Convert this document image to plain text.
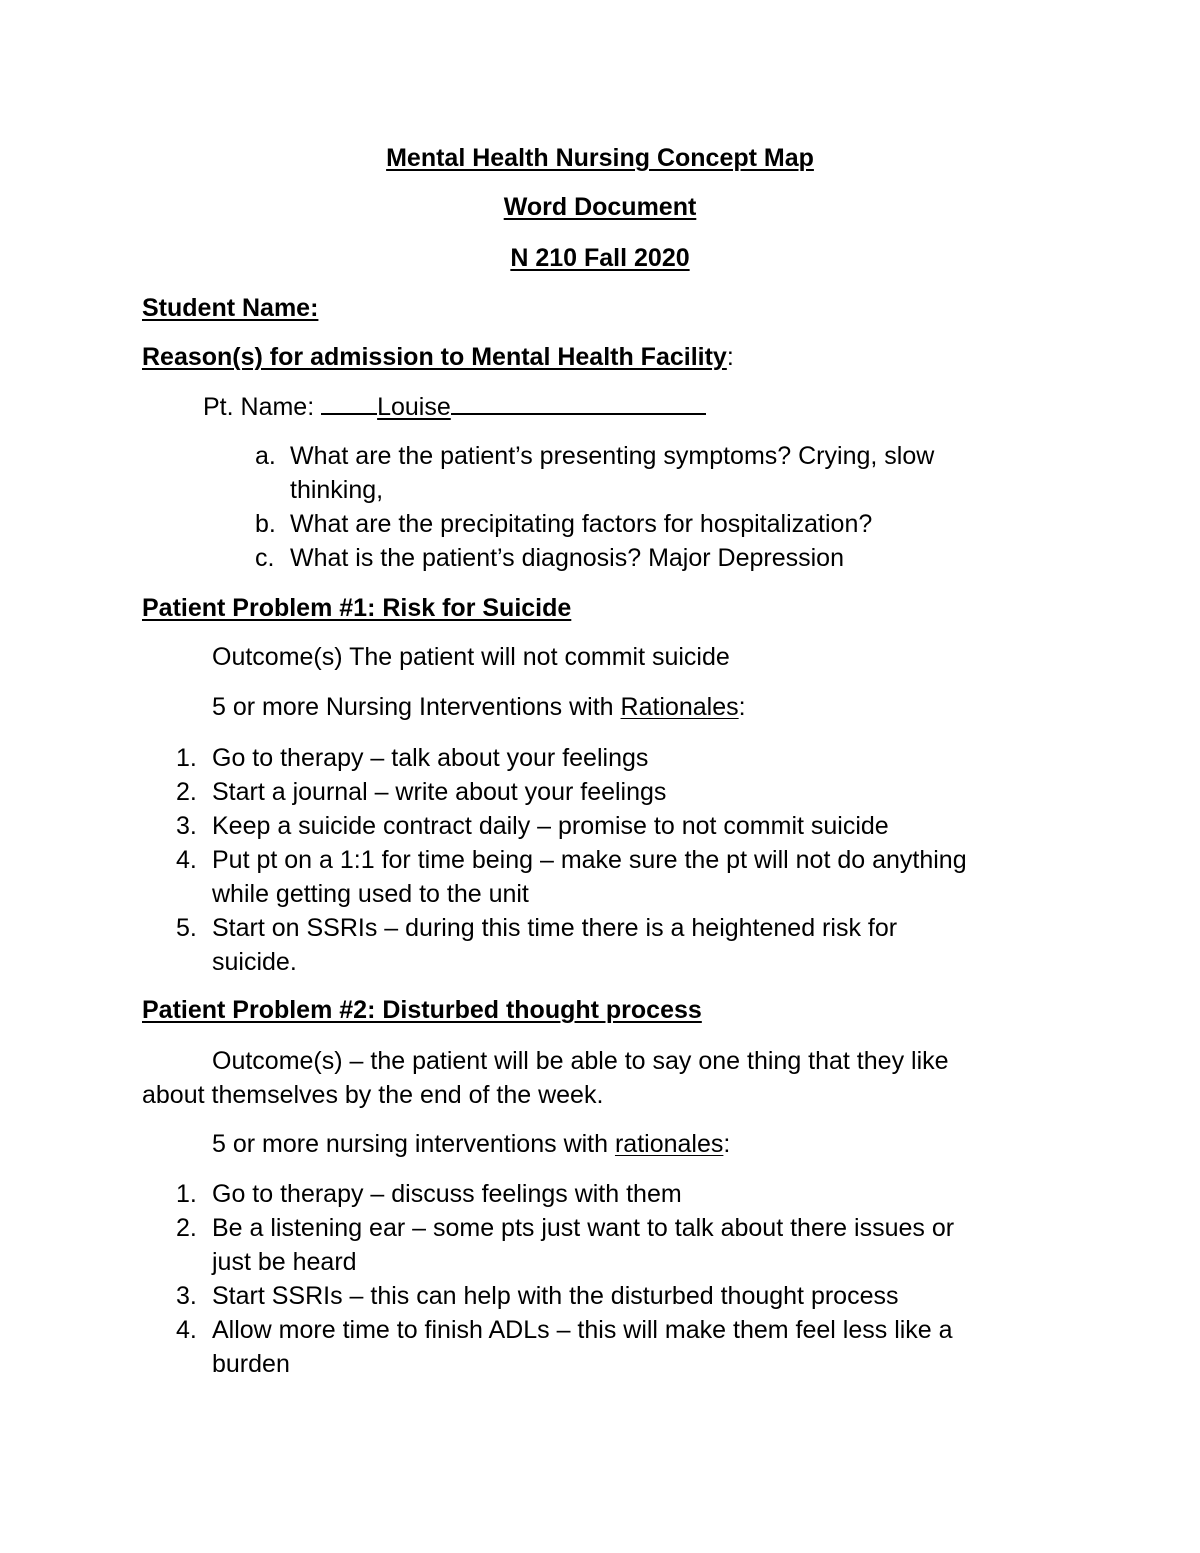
Mental Health Nursing Concept Map
Word Document
N 210 Fall 2020
Student Name:
Reason(s) for admission to Mental Health Facility:
Pt. Name: Louise
a. What are the patient’s presenting symptoms? Crying, slow
thinking,
b. What are the precipitating factors for hospitalization?
c. What is the patient’s diagnosis? Major Depression
Patient Problem #1: Risk for Suicide
Outcome(s) The patient will not commit suicide
5 or more Nursing Interventions with Rationales:
1. Go to therapy – talk about your feelings
2. Start a journal – write about your feelings
3. Keep a suicide contract daily – promise to not commit suicide
4. Put pt on a 1:1 for time being – make sure the pt will not do anything
while getting used to the unit
5. Start on SSRIs – during this time there is a heightened risk for
suicide.
Patient Problem #2: Disturbed thought process
Outcome(s) – the patient will be able to say one thing that they like
about themselves by the end of the week.
5 or more nursing interventions with rationales:
1. Go to therapy – discuss feelings with them
2. Be a listening ear – some pts just want to talk about there issues or
just be heard
3. Start SSRIs – this can help with the disturbed thought process
4. Allow more time to finish ADLs – this will make them feel less like a
burden
